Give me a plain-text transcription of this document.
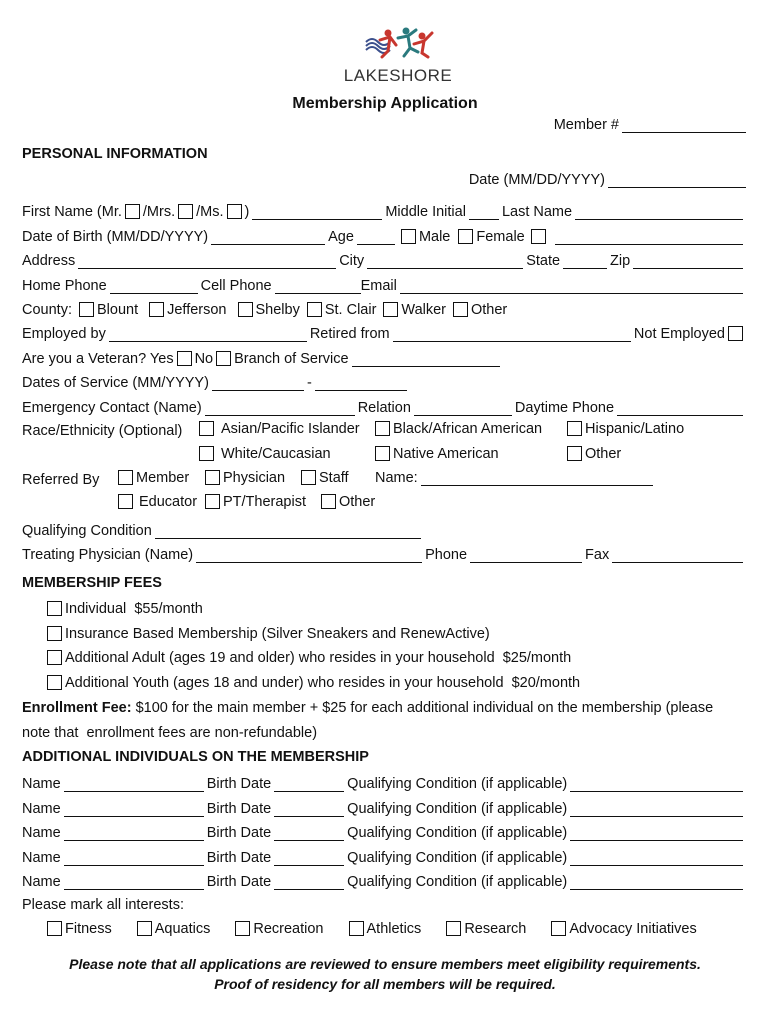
LAKESHORE
Membership Application
Member #
PERSONAL INFORMATION
Date (MM/DD/YYYY)
First Name (Mr. /Mrs. /Ms. )	Middle Initial Last Name
Date of Birth (MM/DD/YYYY)	Age	Male Female
Address	City	State	Zip
Home Phone	Cell Phone	Email
County: Blount Jefferson Shelby St. Clair Walker Other
Employed by	Retired from	Not Employed
Are you a Veteran? Yes No Branch of Service
Dates of Service (MM/YYYY)	-
Emergency Contact (Name)	Relation	Daytime Phone
Race/Ethnicity (Optional)	Asian/Pacific Islander Black/African American	Hispanic/Latino
White/Caucasian	Native American	Other
Referred By	Member Physician Staff Name:
Educator PT/Therapist Other
Qualifying Condition
Treating Physician (Name)	Phone	Fax
MEMBERSHIP FEES
Individual  $55/month
Insurance Based Membership (Silver Sneakers and RenewActive)
Additional Adult (ages 19 and older) who resides in your household  $25/month
Additional Youth (ages 18 and under) who resides in your household  $20/month
Enrollment Fee: $100 for the main member + $25 for each additional individual on the membership (please
note that  enrollment fees are non-refundable)
ADDITIONAL INDIVIDUALS ON THE MEMBERSHIP
Name	Birth Date	Qualifying Condition (if applicable)
Name	Birth Date	Qualifying Condition (if applicable)
Name	Birth Date	Qualifying Condition (if applicable)
Name	Birth Date	Qualifying Condition (if applicable)
Name	Birth Date	Qualifying Condition (if applicable)
Please mark all interests:
Fitness	Aquatics	Recreation	Athletics	Research	Advocacy Initiatives
Please note that all applications are reviewed to ensure members meet eligibility requirements.
Proof of residency for all members will be required.
